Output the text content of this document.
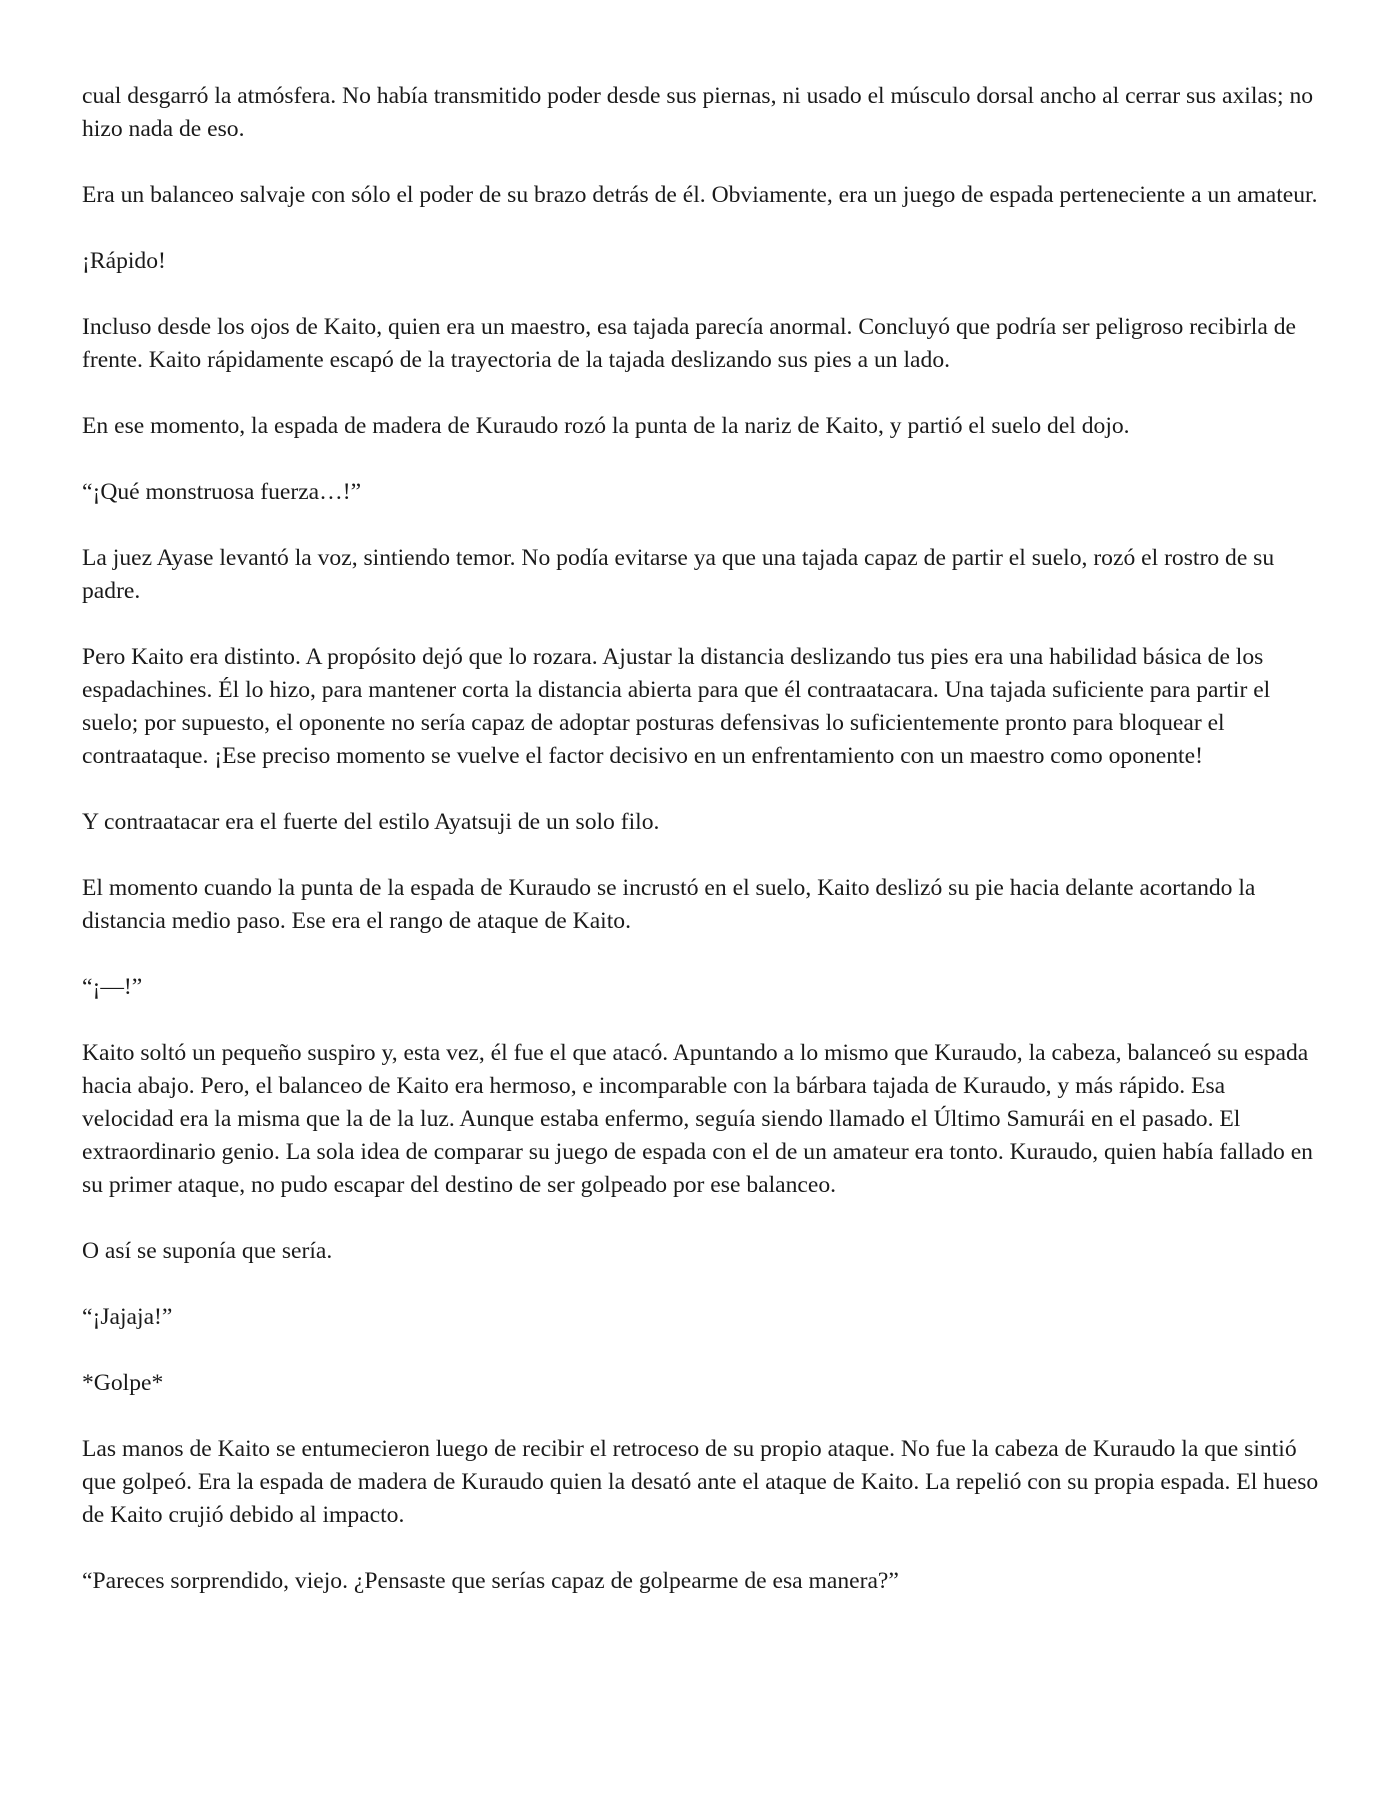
cual desgarró la atmósfera. No había transmitido poder desde sus piernas, ni usado el músculo dorsal ancho al cerrar sus axilas; no hizo nada de eso.

Era un balanceo salvaje con sólo el poder de su brazo detrás de él. Obviamente, era un juego de espada perteneciente a un amateur.

¡Rápido!

Incluso desde los ojos de Kaito, quien era un maestro, esa tajada parecía anormal. Concluyó que podría ser peligroso recibirla de frente. Kaito rápidamente escapó de la trayectoria de la tajada deslizando sus pies a un lado.

En ese momento, la espada de madera de Kuraudo rozó la punta de la nariz de Kaito, y partió el suelo del dojo.

“¡Qué monstruosa fuerza…!”

La juez Ayase levantó la voz, sintiendo temor. No podía evitarse ya que una tajada capaz de partir el suelo, rozó el rostro de su padre.

Pero Kaito era distinto. A propósito dejó que lo rozara. Ajustar la distancia deslizando tus pies era una habilidad básica de los espadachines. Él lo hizo, para mantener corta la distancia abierta para que él contraatacara. Una tajada suficiente para partir el suelo; por supuesto, el oponente no sería capaz de adoptar posturas defensivas lo suficientemente pronto para bloquear el contraataque. ¡Ese preciso momento se vuelve el factor decisivo en un enfrentamiento con un maestro como oponente!

Y contraatacar era el fuerte del estilo Ayatsuji de un solo filo.

El momento cuando la punta de la espada de Kuraudo se incrustó en el suelo, Kaito deslizó su pie hacia delante acortando la distancia medio paso. Ese era el rango de ataque de Kaito.

“¡—!”

Kaito soltó un pequeño suspiro y, esta vez, él fue el que atacó. Apuntando a lo mismo que Kuraudo, la cabeza, balanceó su espada hacia abajo. Pero, el balanceo de Kaito era hermoso, e incomparable con la bárbara tajada de Kuraudo, y más rápido. Esa velocidad era la misma que la de la luz. Aunque estaba enfermo, seguía siendo llamado el Último Samurái en el pasado. El extraordinario genio. La sola idea de comparar su juego de espada con el de un amateur era tonto. Kuraudo, quien había fallado en su primer ataque, no pudo escapar del destino de ser golpeado por ese balanceo.

O así se suponía que sería.

“¡Jajaja!”

*Golpe*

Las manos de Kaito se entumecieron luego de recibir el retroceso de su propio ataque. No fue la cabeza de Kuraudo la que sintió que golpeó. Era la espada de madera de Kuraudo quien la desató ante el ataque de Kaito. La repelió con su propia espada. El hueso de Kaito crujió debido al impacto.

“Pareces sorprendido, viejo. ¿Pensaste que serías capaz de golpearme de esa manera?”
